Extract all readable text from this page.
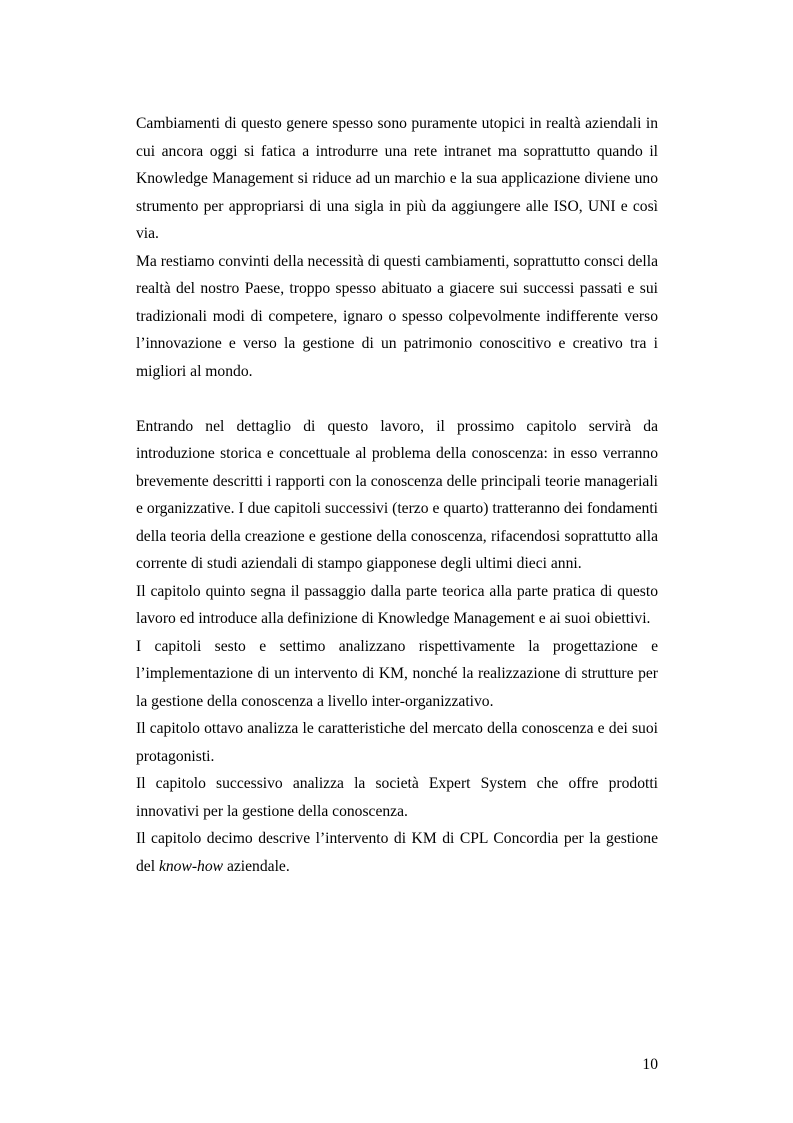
Cambiamenti di questo genere spesso sono puramente utopici in realtà aziendali in cui ancora oggi si fatica a introdurre una rete intranet ma soprattutto quando il Knowledge Management si riduce ad un marchio e la sua applicazione diviene uno strumento per appropriarsi di una sigla in più da aggiungere alle ISO, UNI e così via.

Ma restiamo convinti della necessità di questi cambiamenti, soprattutto consci della realtà del nostro Paese, troppo spesso abituato a giacere sui successi passati e sui tradizionali modi di competere, ignaro o spesso colpevolmente indifferente verso l’innovazione e verso la gestione di un patrimonio conoscitivo e creativo tra i migliori al mondo.

Entrando nel dettaglio di questo lavoro, il prossimo capitolo servirà da introduzione storica e concettuale al problema della conoscenza: in esso verranno brevemente descritti i rapporti con la conoscenza delle principali teorie manageriali e organizzative. I due capitoli successivi (terzo e quarto) tratteranno dei fondamenti della teoria della creazione e gestione della conoscenza, rifacendosi soprattutto alla corrente di studi aziendali di stampo giapponese degli ultimi dieci anni.

Il capitolo quinto segna il passaggio dalla parte teorica alla parte pratica di questo lavoro ed introduce alla definizione di Knowledge Management e ai suoi obiettivi.

I capitoli sesto e settimo analizzano rispettivamente la progettazione e l’implementazione di un intervento di KM, nonché la realizzazione di strutture per la gestione della conoscenza a livello inter-organizzativo.

Il capitolo ottavo analizza le caratteristiche del mercato della conoscenza e dei suoi protagonisti.

Il capitolo successivo analizza la società Expert System che offre prodotti innovativi per la gestione della conoscenza.

Il capitolo decimo descrive l’intervento di KM di CPL Concordia per la gestione del know-how aziendale.

10
